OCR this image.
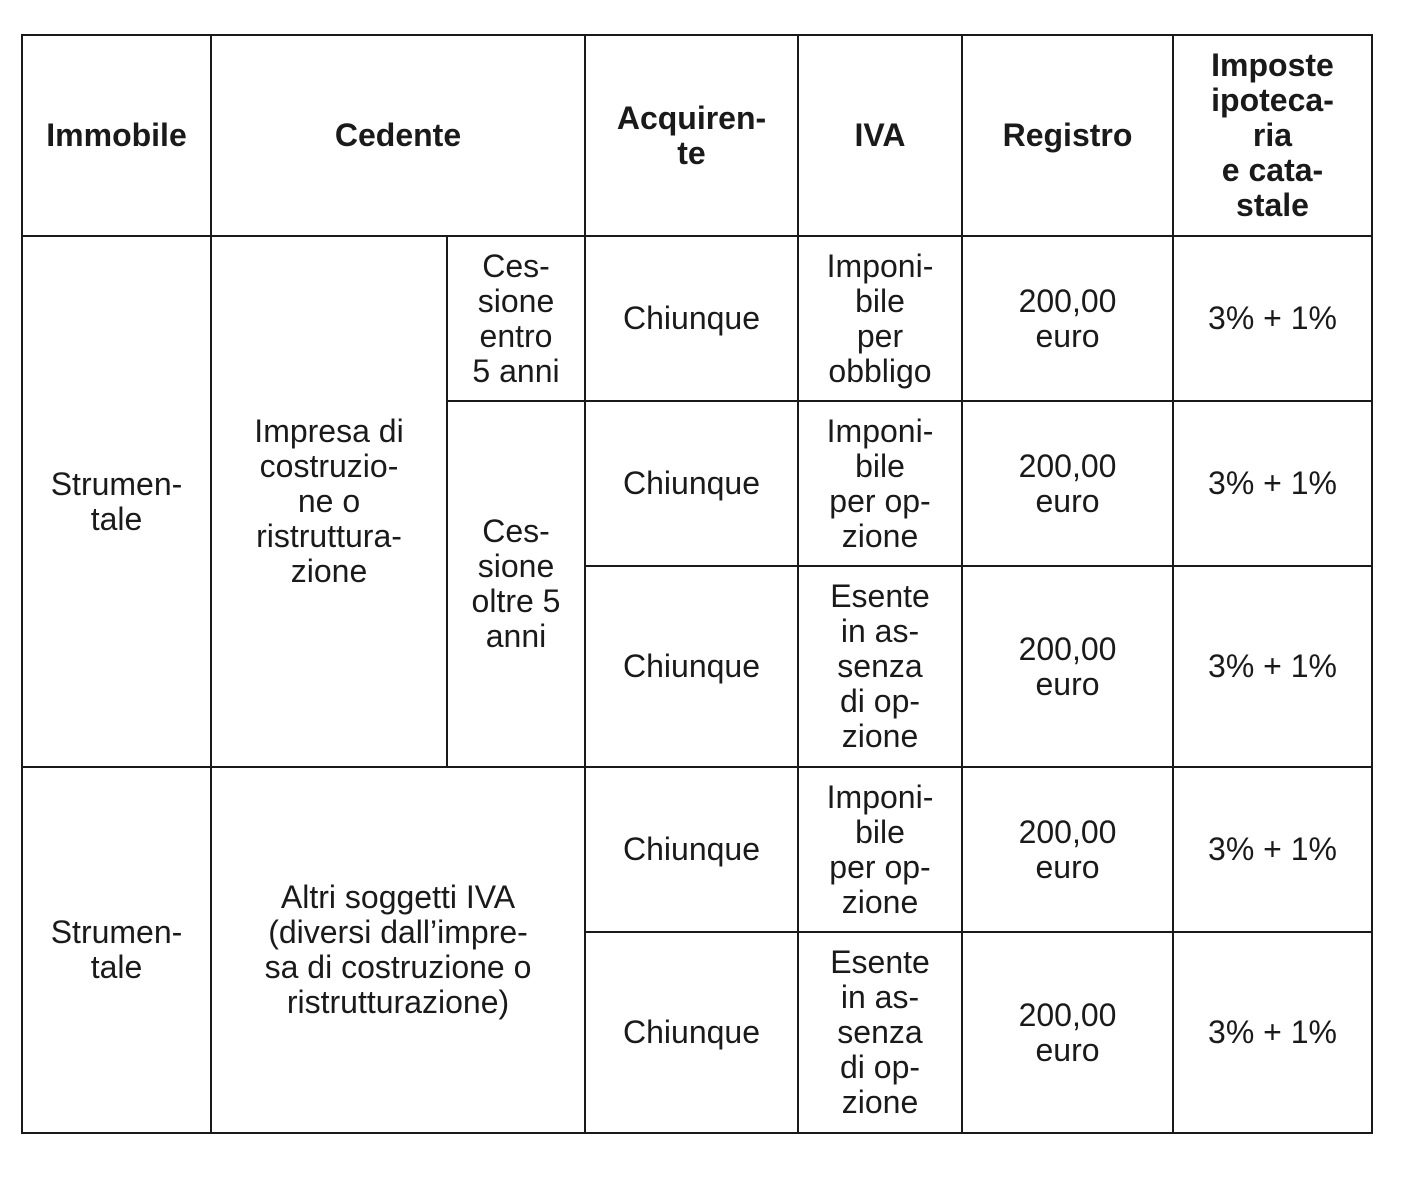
Immobile	Cedente		Acquiren-
te	IVA	Registro	Imposte
ipoteca-
ria
e cata-
stale
Strumen-
tale	Impresa di
costruzio-
ne o
ristruttura-
zione	Ces-
sione
entro
5 anni	Chiunque	Imponi-
bile
per
obbligo	200,00
euro	3% + 1%
		Ces-
sione
oltre 5
anni	Chiunque	Imponi-
bile
per op-
zione	200,00
euro	3% + 1%
			Chiunque	Esente
in as-
senza
di op-
zione	200,00
euro	3% + 1%
Strumen-
tale	Altri soggetti IVA
(diversi dall’impre-
sa di costruzione o
ristrutturazione)		Chiunque	Imponi-
bile
per op-
zione	200,00
euro	3% + 1%
			Chiunque	Esente
in as-
senza
di op-
zione	200,00
euro	3% + 1%
